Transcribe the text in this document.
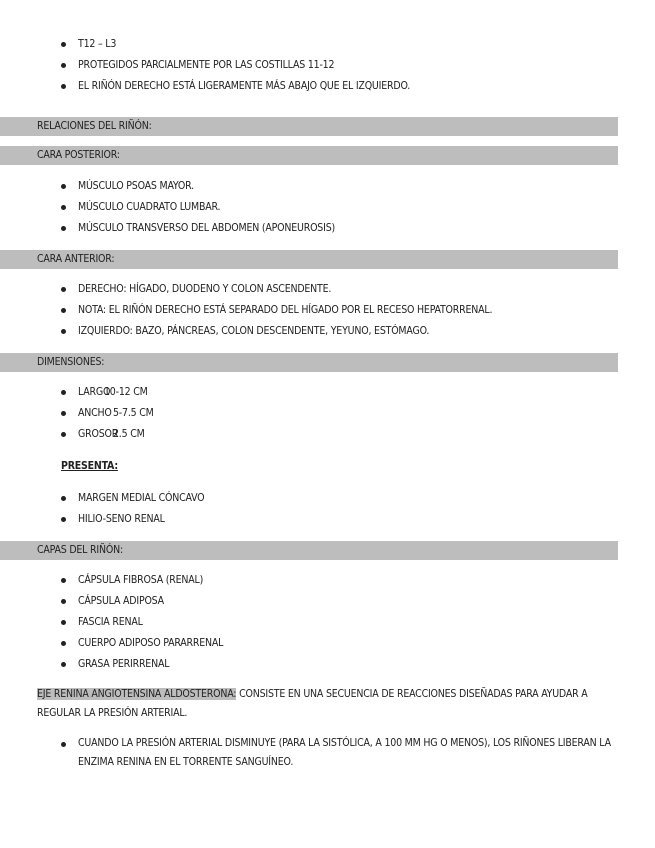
T12 – L3
PROTEGIDOS PARCIALMENTE POR LAS COSTILLAS 11-12
EL RIÑÓN DERECHO ESTÁ LIGERAMENTE MÁS ABAJO QUE EL IZQUIERDO.
RELACIONES DEL RIÑÓN:
CARA POSTERIOR:
MÚSCULO PSOAS MAYOR.
MÚSCULO CUADRATO LUMBAR.
MÚSCULO TRANSVERSO DEL ABDOMEN (APONEUROSIS)
CARA ANTERIOR:
DERECHO: HÍGADO, DUODENO Y COLON ASCENDENTE.
NOTA: EL RIÑÓN DERECHO ESTÁ SEPARADO DEL HÍGADO POR EL RECESO HEPATORRENAL.
IZQUIERDO: BAZO, PÁNCREAS, COLON DESCENDENTE, YEYUNO, ESTÓMAGO.
DIMENSIONES:
LARGO
10-12 CM
ANCHO 5-7.5 CM
GROSOR
2.5 CM
PRESENTA:
MARGEN MEDIAL CÓNCAVO
HILIO-SENO RENAL
CAPAS DEL RIÑÓN:
CÁPSULA FIBROSA (RENAL)
CÁPSULA ADIPOSA
FASCIA RENAL
CUERPO ADIPOSO PARARRENAL
GRASA PERIRRENAL
EJE RENINA ANGIOTENSINA ALDOSTERONA: CONSISTE EN UNA SECUENCIA DE REACCIONES DISEÑADAS PARA AYUDAR A REGULAR LA PRESIÓN ARTERIAL.
CUANDO LA PRESIÓN ARTERIAL DISMINUYE (PARA LA SISTÓLICA, A 100 MM HG O MENOS), LOS RIÑONES LIBERAN LA ENZIMA RENINA EN EL TORRENTE SANGUÍNEO.
